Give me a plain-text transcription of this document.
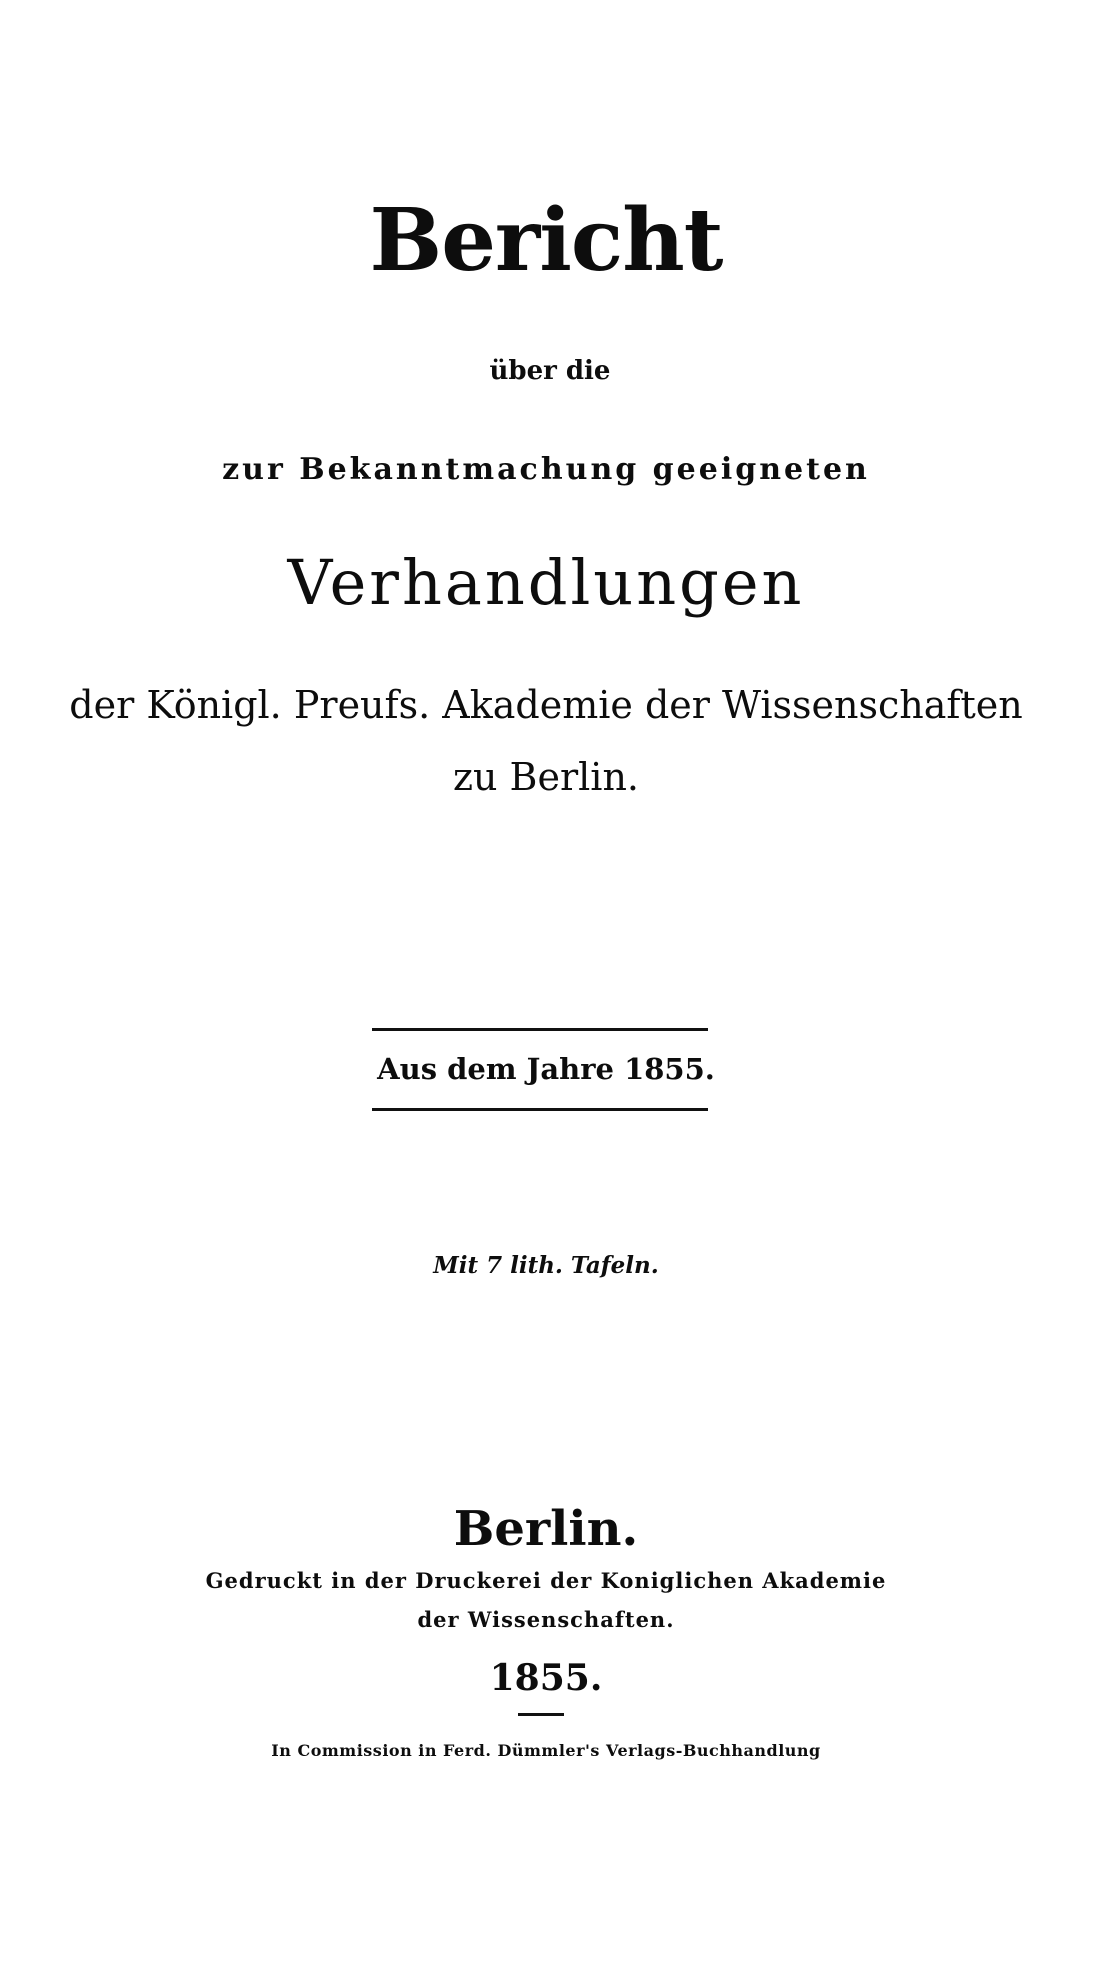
Bericht
über die
zur Bekanntmachung geeigneten
Verhandlungen
der Königl. Preufs. Akademie der Wissenschaften
zu Berlin.
Aus dem Jahre 1855.
Mit 7 lith. Tafeln.
Berlin.
Gedruckt in der Druckerei der Koniglichen Akademie
der Wissenschaften.
1855.
In Commission in Ferd. Dümmler's Verlags-Buchhandlung
